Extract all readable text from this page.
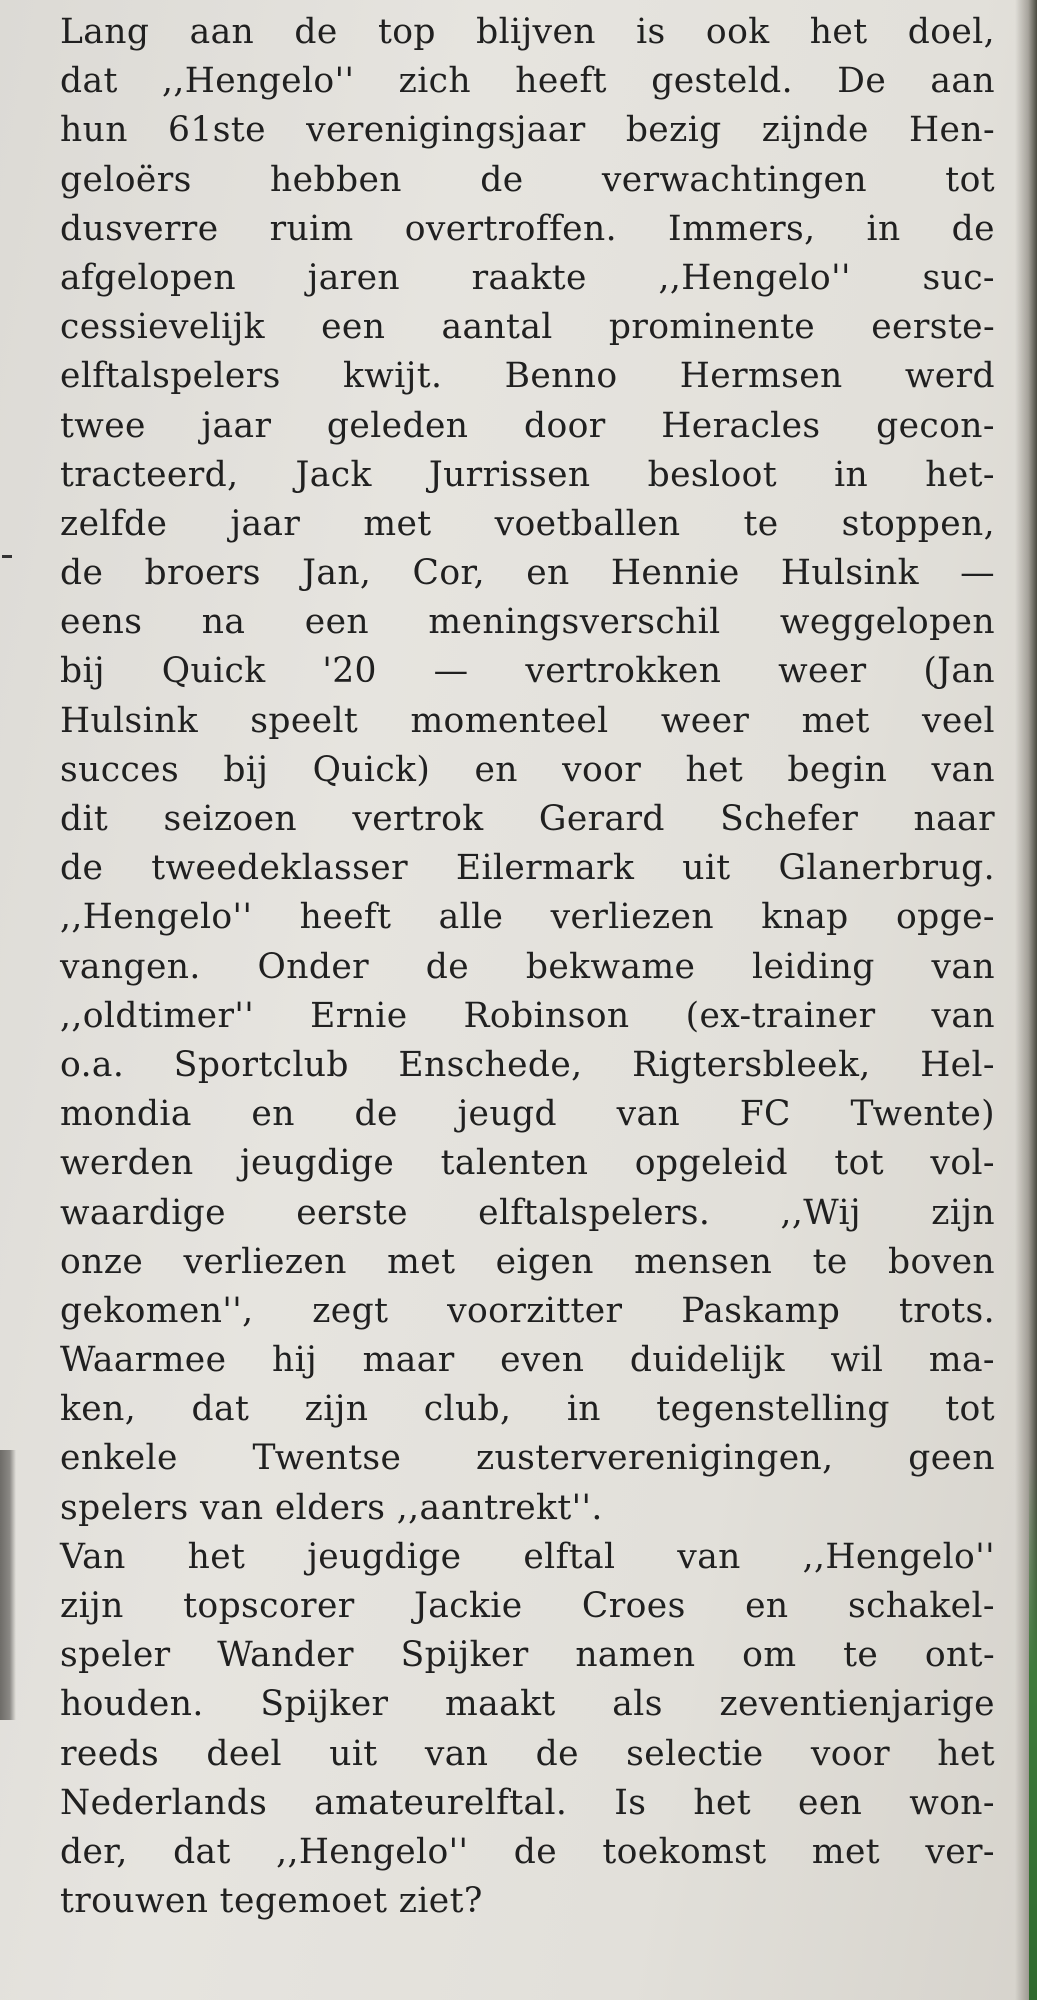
Lang aan de top blijven is ook het doel,
dat ,,Hengelo'' zich heeft gesteld. De aan
hun 61ste verenigingsjaar bezig zijnde Hen-
geloërs hebben de verwachtingen tot
dusverre ruim overtroffen. Immers, in de
afgelopen jaren raakte ,,Hengelo'' suc-
cessievelijk een aantal prominente eerste-
elftalspelers kwijt. Benno Hermsen werd
twee jaar geleden door Heracles gecon-
tracteerd, Jack Jurrissen besloot in het-
zelfde jaar met voetballen te stoppen,
de broers Jan, Cor, en Hennie Hulsink —
eens na een meningsverschil weggelopen
bij Quick '20 — vertrokken weer (Jan
Hulsink speelt momenteel weer met veel
succes bij Quick) en voor het begin van
dit seizoen vertrok Gerard Schefer naar
de tweedeklasser Eilermark uit Glanerbrug.
,,Hengelo'' heeft alle verliezen knap opge-
vangen. Onder de bekwame leiding van
,,oldtimer'' Ernie Robinson (ex-trainer van
o.a. Sportclub Enschede, Rigtersbleek, Hel-
mondia en de jeugd van FC Twente)
werden jeugdige talenten opgeleid tot vol-
waardige eerste elftalspelers. ,,Wij zijn
onze verliezen met eigen mensen te boven
gekomen'', zegt voorzitter Paskamp trots.
Waarmee hij maar even duidelijk wil ma-
ken, dat zijn club, in tegenstelling tot
enkele Twentse zusterverenigingen, geen
spelers van elders ,,aantrekt''.
Van het jeugdige elftal van ,,Hengelo''
zijn topscorer Jackie Croes en schakel-
speler Wander Spijker namen om te ont-
houden. Spijker maakt als zeventienjarige
reeds deel uit van de selectie voor het
Nederlands amateurelftal. Is het een won-
der, dat ,,Hengelo'' de toekomst met ver-
trouwen tegemoet ziet?
